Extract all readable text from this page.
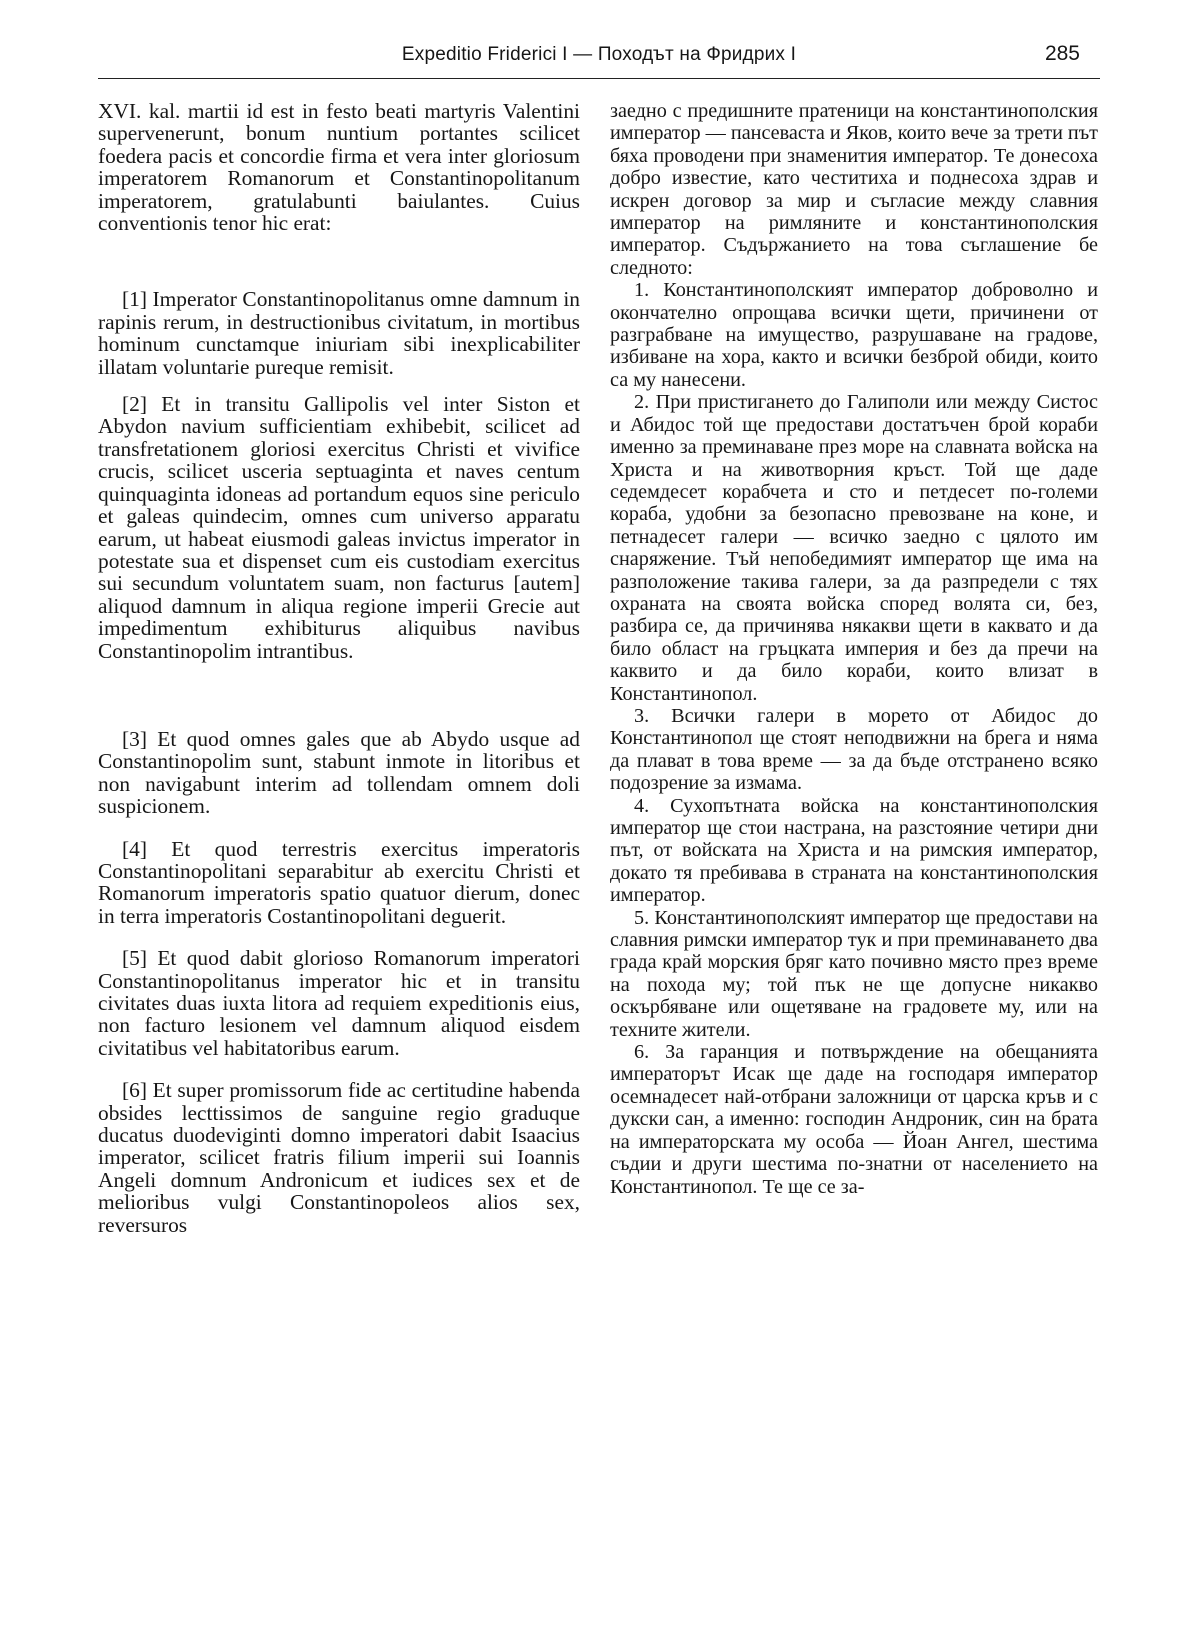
Expeditio Friderici I — Походът на Фридрих I	285

XVI. kal. martii id est in festo beati martyris Valentini supervenerunt, bonum nuntium portantes scilicet foedera pacis et concordie firma et vera inter gloriosum imperatorem Romanorum et Constantinopolitanum imperatorem, gratulabunti baiulantes. Cuius conventionis tenor hic erat:

[1] Imperator Constantinopolitanus omne damnum in rapinis rerum, in destructionibus civitatum, in mortibus hominum cunctamque iniuriam sibi inexplicabiliter illatam voluntarie pureque remisit.

[2] Et in transitu Gallipolis vel inter Siston et Abydon navium sufficientiam exhibebit, scilicet ad transfretationem gloriosi exercitus Christi et vivifice crucis, scilicet usceria septuaginta et naves centum quinquaginta idoneas ad portandum equos sine periculo et galeas quindecim, omnes cum universo apparatu earum, ut habeat eiusmodi galeas invictus imperator in potestate sua et dispenset cum eis custodiam exercitus sui secundum voluntatem suam, non facturus [autem] aliquod damnum in aliqua regione imperii Grecie aut impedimentum exhibiturus aliquibus navibus Constantinopolim intrantibus.

[3] Et quod omnes gales que ab Abydo usque ad Constantinopolim sunt, stabunt inmote in litoribus et non navigabunt interim ad tollendam omnem doli suspicionem.

[4] Et quod terrestris exercitus imperatoris Constantinopolitani separabitur ab exercitu Christi et Romanorum imperatoris spatio quatuor dierum, donec in terra imperatoris Costantinopolitani deguerit.

[5] Et quod dabit glorioso Romanorum imperatori Constantinopolitanus imperator hic et in transitu civitates duas iuxta litora ad requiem expeditionis eius, non facturo lesionem vel damnum aliquod eisdem civitatibus vel habitatoribus earum.

[6] Et super promissorum fide ac certitudine habenda obsides lecttissimos de sanguine regio graduque ducatus duodeviginti domno imperatori dabit Isaacius imperator, scilicet fratris filium imperii sui Ioannis Angeli domnum Andronicum et iudices sex et de melioribus vulgi Constantinopoleos alios sex, reversuros

заедно с предишните пратеници на константинополския император — пансеваста и Яков, които вече за трети път бяха проводени при знаменития император. Те донесоха добро известие, като честитиха и поднесоха здрав и искрен договор за мир и съгласие между славния император на римляните и константинополския император. Съдържанието на това съглашение бе следното:

1. Константинополският император доброволно и окончателно опрощава всички щети, причинени от разграбване на имущество, разрушаване на градове, избиване на хора, както и всички безброй обиди, които са му нанесени.

2. При пристигането до Галиполи или между Систос и Абидос той ще предостави достатъчен брой кораби именно за преминаване през море на славната войска на Христа и на животворния кръст. Той ще даде седемдесет корабчета и сто и петдесет по-големи кораба, удобни за безопасно превозване на коне, и петнадесет галери — всичко заедно с цялото им снаряжение. Тъй непобедимият император ще има на разположение такива галери, за да разпредели с тях охраната на своята войска според волята си, без, разбира се, да причинява някакви щети в каквато и да било област на гръцката империя и без да пречи на каквито и да било кораби, които влизат в Константинопол.

3. Всички галери в морето от Абидос до Константинопол ще стоят неподвижни на брега и няма да плават в това време — за да бъде отстранено всяко подозрение за измама.

4. Сухопътната войска на константинополския император ще стои настрана, на разстояние четири дни път, от войската на Христа и на римския император, докато тя пребивава в страната на константинополския император.

5. Константинополският император ще предостави на славния римски император тук и при преминаването два града край морския бряг като почивно място през време на похода му; той пък не ще допусне никакво оскърбяване или ощетяване на градовете му, или на техните жители.

6. За гаранция и потвърждение на обещанията императорът Исак ще даде на господаря император осемнадесет най-отбрани заложници от царска кръв и с дукски сан, а именно: господин Андроник, син на брата на императорската му особа — Йоан Ангел, шестима съдии и други шестима по-знатни от населението на Константинопол. Те ще се за-
